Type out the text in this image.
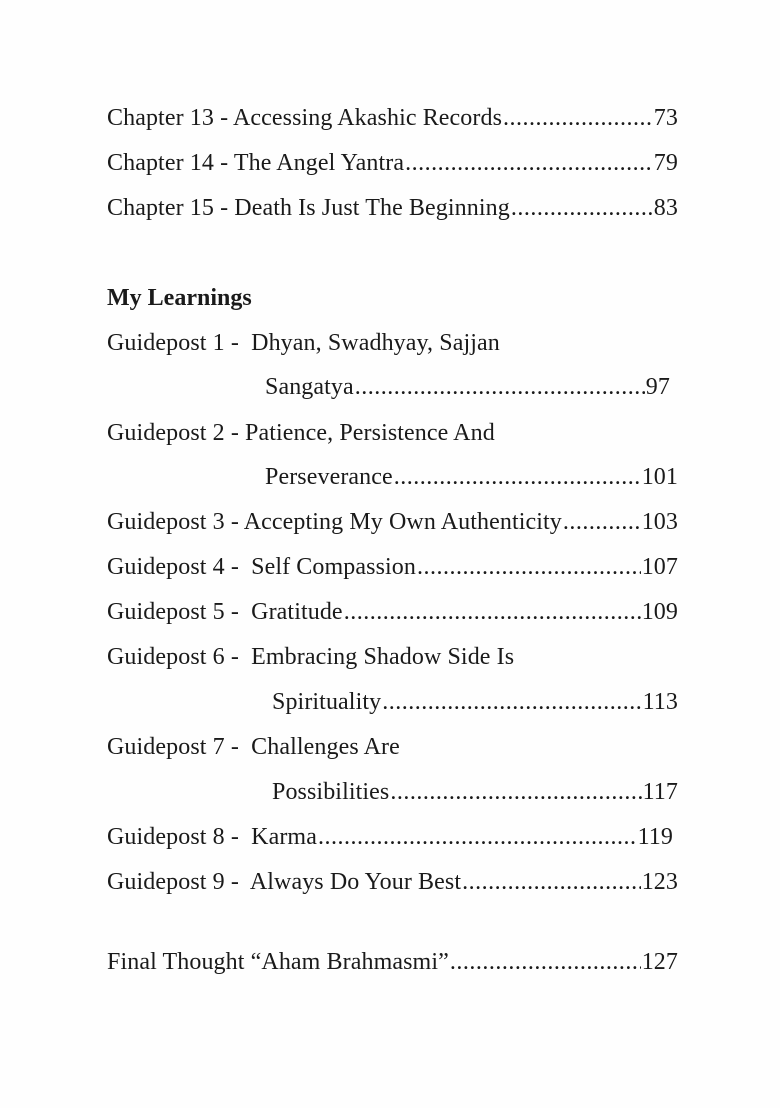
Chapter 13 - Accessing Akashic Records .....	73
Chapter 14 - The Angel Yantra .....	79
Chapter 15 - Death Is Just The Beginning .....	83
My Learnings
Guidepost 1 -  Dhyan, Swadhyay, Sajjan
Sangatya .....	97
Guidepost 2 - Patience, Persistence And
Perseverance .....	101
Guidepost 3 - Accepting My Own Authenticity .....	103
Guidepost 4 -  Self Compassion .....	107
Guidepost 5 -  Gratitude .....	109
Guidepost 6 -  Embracing Shadow Side Is
Spirituality .....	113
Guidepost 7 -  Challenges Are
Possibilities .....	117
Guidepost 8 -  Karma .....	119
Guidepost 9 -  Always Do Your Best .....	123
Final Thought “Aham Brahmasmi” .....	127
